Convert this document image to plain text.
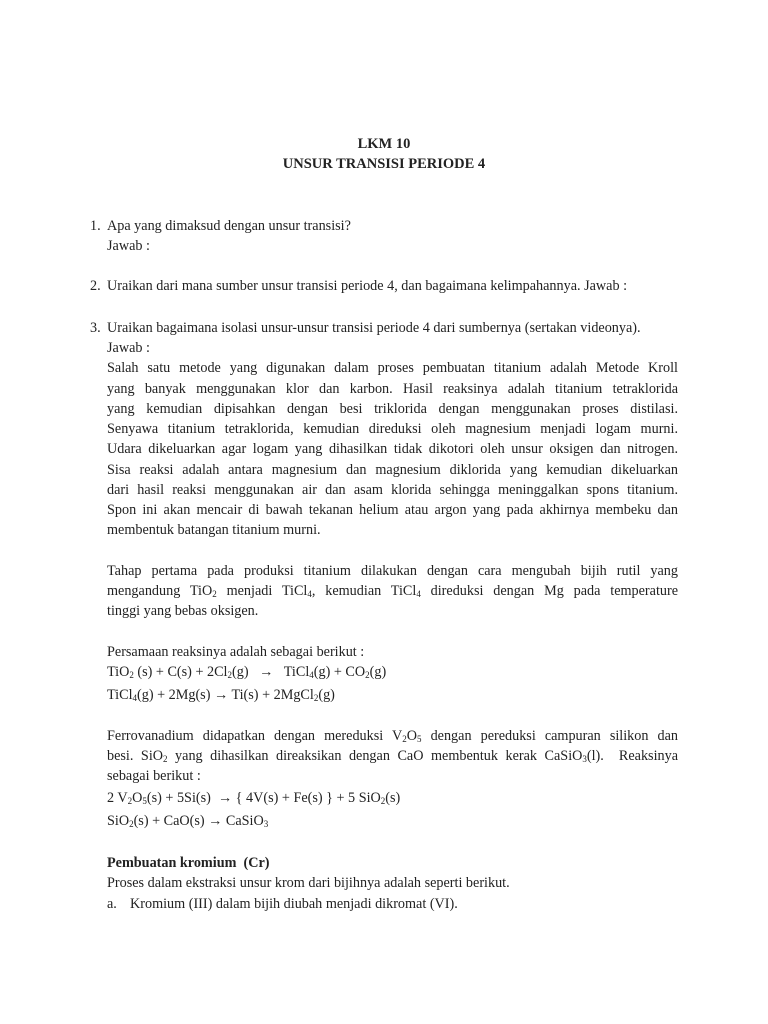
LKM 10
UNSUR TRANSISI PERIODE 4
1. Apa yang dimaksud dengan unsur transisi?
Jawab :
2. Uraikan dari mana sumber unsur transisi periode 4, dan bagaimana kelimpahannya. Jawab :
3. Uraikan bagaimana isolasi unsur-unsur transisi periode 4 dari sumbernya (sertakan videonya).
Jawab :
Salah satu metode yang digunakan dalam proses pembuatan titanium adalah Metode Kroll
yang banyak menggunakan klor dan karbon. Hasil reaksinya adalah titanium tetraklorida
yang kemudian dipisahkan dengan besi triklorida dengan menggunakan proses distilasi.
Senyawa titanium tetraklorida, kemudian direduksi oleh magnesium menjadi logam murni.
Udara dikeluarkan agar logam yang dihasilkan tidak dikotori oleh unsur oksigen dan nitrogen.
Sisa reaksi adalah antara magnesium dan magnesium diklorida yang kemudian dikeluarkan
dari hasil reaksi menggunakan air dan asam klorida sehingga meninggalkan spons titanium.
Spon ini akan mencair di bawah tekanan helium atau argon yang pada akhirnya membeku dan
membentuk batangan titanium murni.
Tahap pertama pada produksi titanium dilakukan dengan cara mengubah bijih rutil yang
mengandung TiO$_2$ menjadi TiCl$_4$, kemudian TiCl$_4$ direduksi dengan Mg pada temperature
tinggi yang bebas oksigen.
Persamaan reaksinya adalah sebagai berikut :
TiO$_2$ $(s) + C(s) + 2Cl_2(g)$   →   TiCl$_4$(g) + $CO_2(g)$
TiCl$_4$(g) + 2Mg(s) → Ti(s) + 2MgCl$_2$(g)
Ferrovanadium didapatkan dengan mereduksi $V_2O_5$ dengan pereduksi campuran silikon dan
besi. SiO$_2$ yang dihasilkan direaksikan dengan CaO membentuk kerak CaSiO$_3$(l).  Reaksinya
sebagai berikut :
2 $V_2O_5(s) + 5Si(s)$  → { 4V(s) + Fe(s) } + 5 SiO$_2$(s)
SiO$_2$(s) + CaO(s) → CaSiO$_3$
Pembuatan kromium  (Cr)
Proses dalam ekstraksi unsur krom dari bijihnya adalah seperti berikut.
a. Kromium (III) dalam bijih diubah menjadi dikromat (VI).
